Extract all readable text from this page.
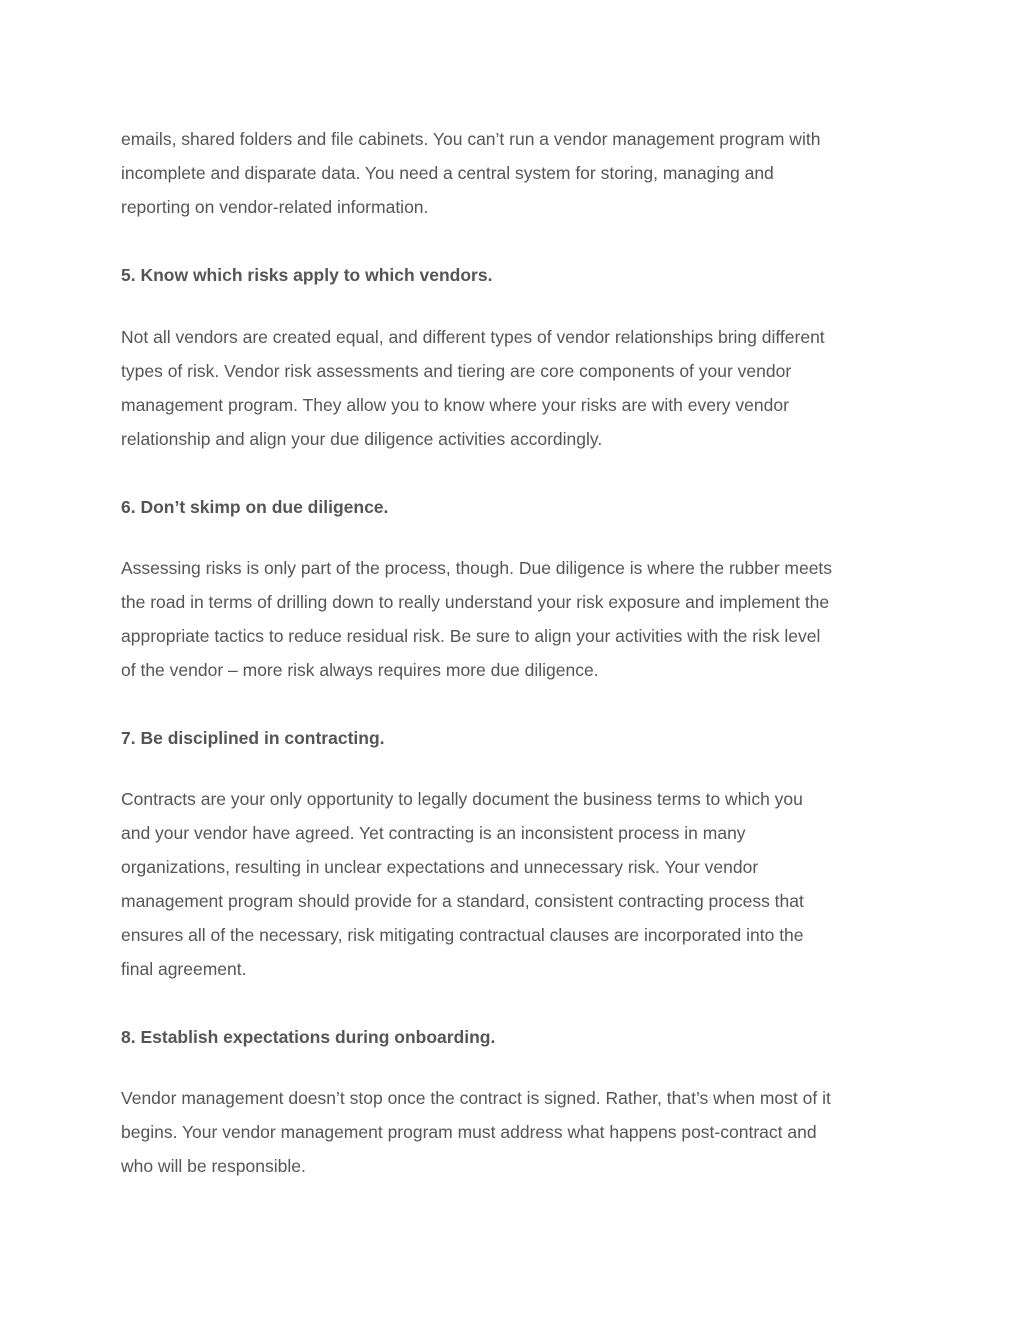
emails, shared folders and file cabinets. You can’t run a vendor management program with
incomplete and disparate data. You need a central system for storing, managing and
reporting on vendor-related information.

5. Know which risks apply to which vendors.

Not all vendors are created equal, and different types of vendor relationships bring different
types of risk. Vendor risk assessments and tiering are core components of your vendor
management program. They allow you to know where your risks are with every vendor
relationship and align your due diligence activities accordingly.

6. Don’t skimp on due diligence.

Assessing risks is only part of the process, though. Due diligence is where the rubber meets
the road in terms of drilling down to really understand your risk exposure and implement the
appropriate tactics to reduce residual risk. Be sure to align your activities with the risk level
of the vendor – more risk always requires more due diligence.

7. Be disciplined in contracting.

Contracts are your only opportunity to legally document the business terms to which you
and your vendor have agreed. Yet contracting is an inconsistent process in many
organizations, resulting in unclear expectations and unnecessary risk. Your vendor
management program should provide for a standard, consistent contracting process that
ensures all of the necessary, risk mitigating contractual clauses are incorporated into the
final agreement.

8. Establish expectations during onboarding.

Vendor management doesn’t stop once the contract is signed. Rather, that’s when most of it
begins. Your vendor management program must address what happens post-contract and
who will be responsible.
